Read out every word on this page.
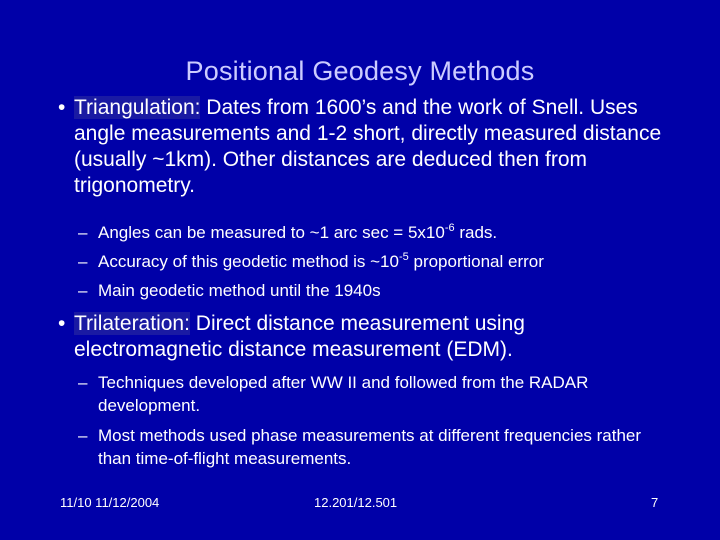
Positional Geodesy Methods
• Triangulation: Dates from 1600’s and the work of Snell. Uses angle measurements and 1-2 short, directly measured distance (usually ~1km). Other distances are deduced then from trigonometry.
– Angles can be measured to ~1 arc $\sec = 5x10^{-6}$ rads.
– Accuracy of this geodetic method is $\sim 10^{-5}$ proportional error
– Main geodetic method until the 1940s
• Trilateration: Direct distance measurement using electromagnetic distance measurement (EDM).
– Techniques developed after WW II and followed from the RADAR development.
– Most methods used phase measurements at different frequencies rather than time-of-flight measurements.
11/10 11/12/2004	12.201/12.501	7
